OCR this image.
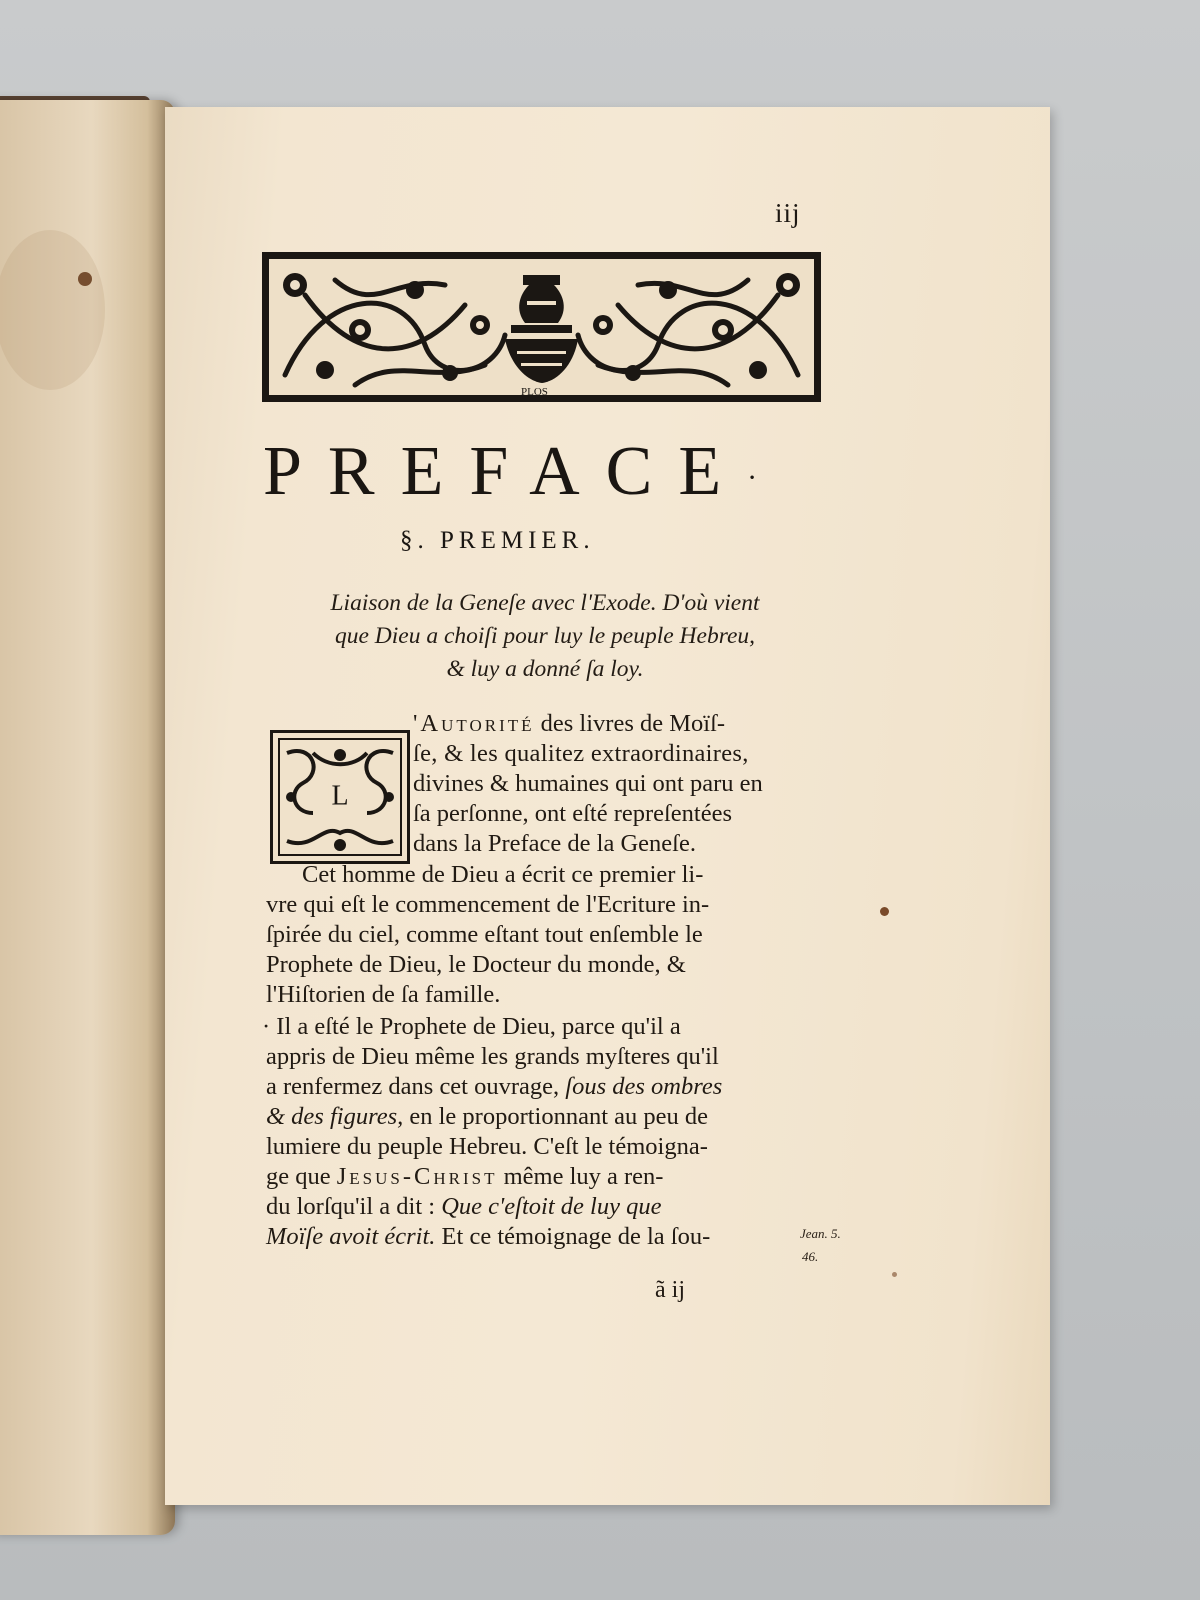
iij
PLOS
PREFACE·
§. PREMIER.
Liaison de la Geneſe avec l'Exode. D'où vient
que Dieu a choiſi pour luy le peuple Hebreu,
& luy a donné ſa loy.
L
'Autorité des livres de Moïſ-
ſe, & les qualitez extraordinaires,
divines & humaines qui ont paru en
ſa perſonne, ont eſté repreſentées
dans la Preface de la Geneſe.
Cet homme de Dieu a écrit ce premier li-
vre qui eſt le commencement de l'Ecriture in-
ſpirée du ciel, comme eſtant tout enſemble le
Prophete de Dieu, le Docteur du monde, &
l'Hiſtorien de ſa famille.
· Il a eſté le Prophete de Dieu, parce qu'il a
appris de Dieu même les grands myſteres qu'il
a renfermez dans cet ouvrage, ſous des ombres
& des figures, en le proportionnant au peu de
lumiere du peuple Hebreu. C'eſt le témoigna-
ge que Jesus-Christ même luy a ren-
du lorſqu'il a dit : Que c'eſtoit de luy que
Moïſe avoit écrit. Et ce témoignage de la ſou-	Jean. 5.
46.
ã ij
